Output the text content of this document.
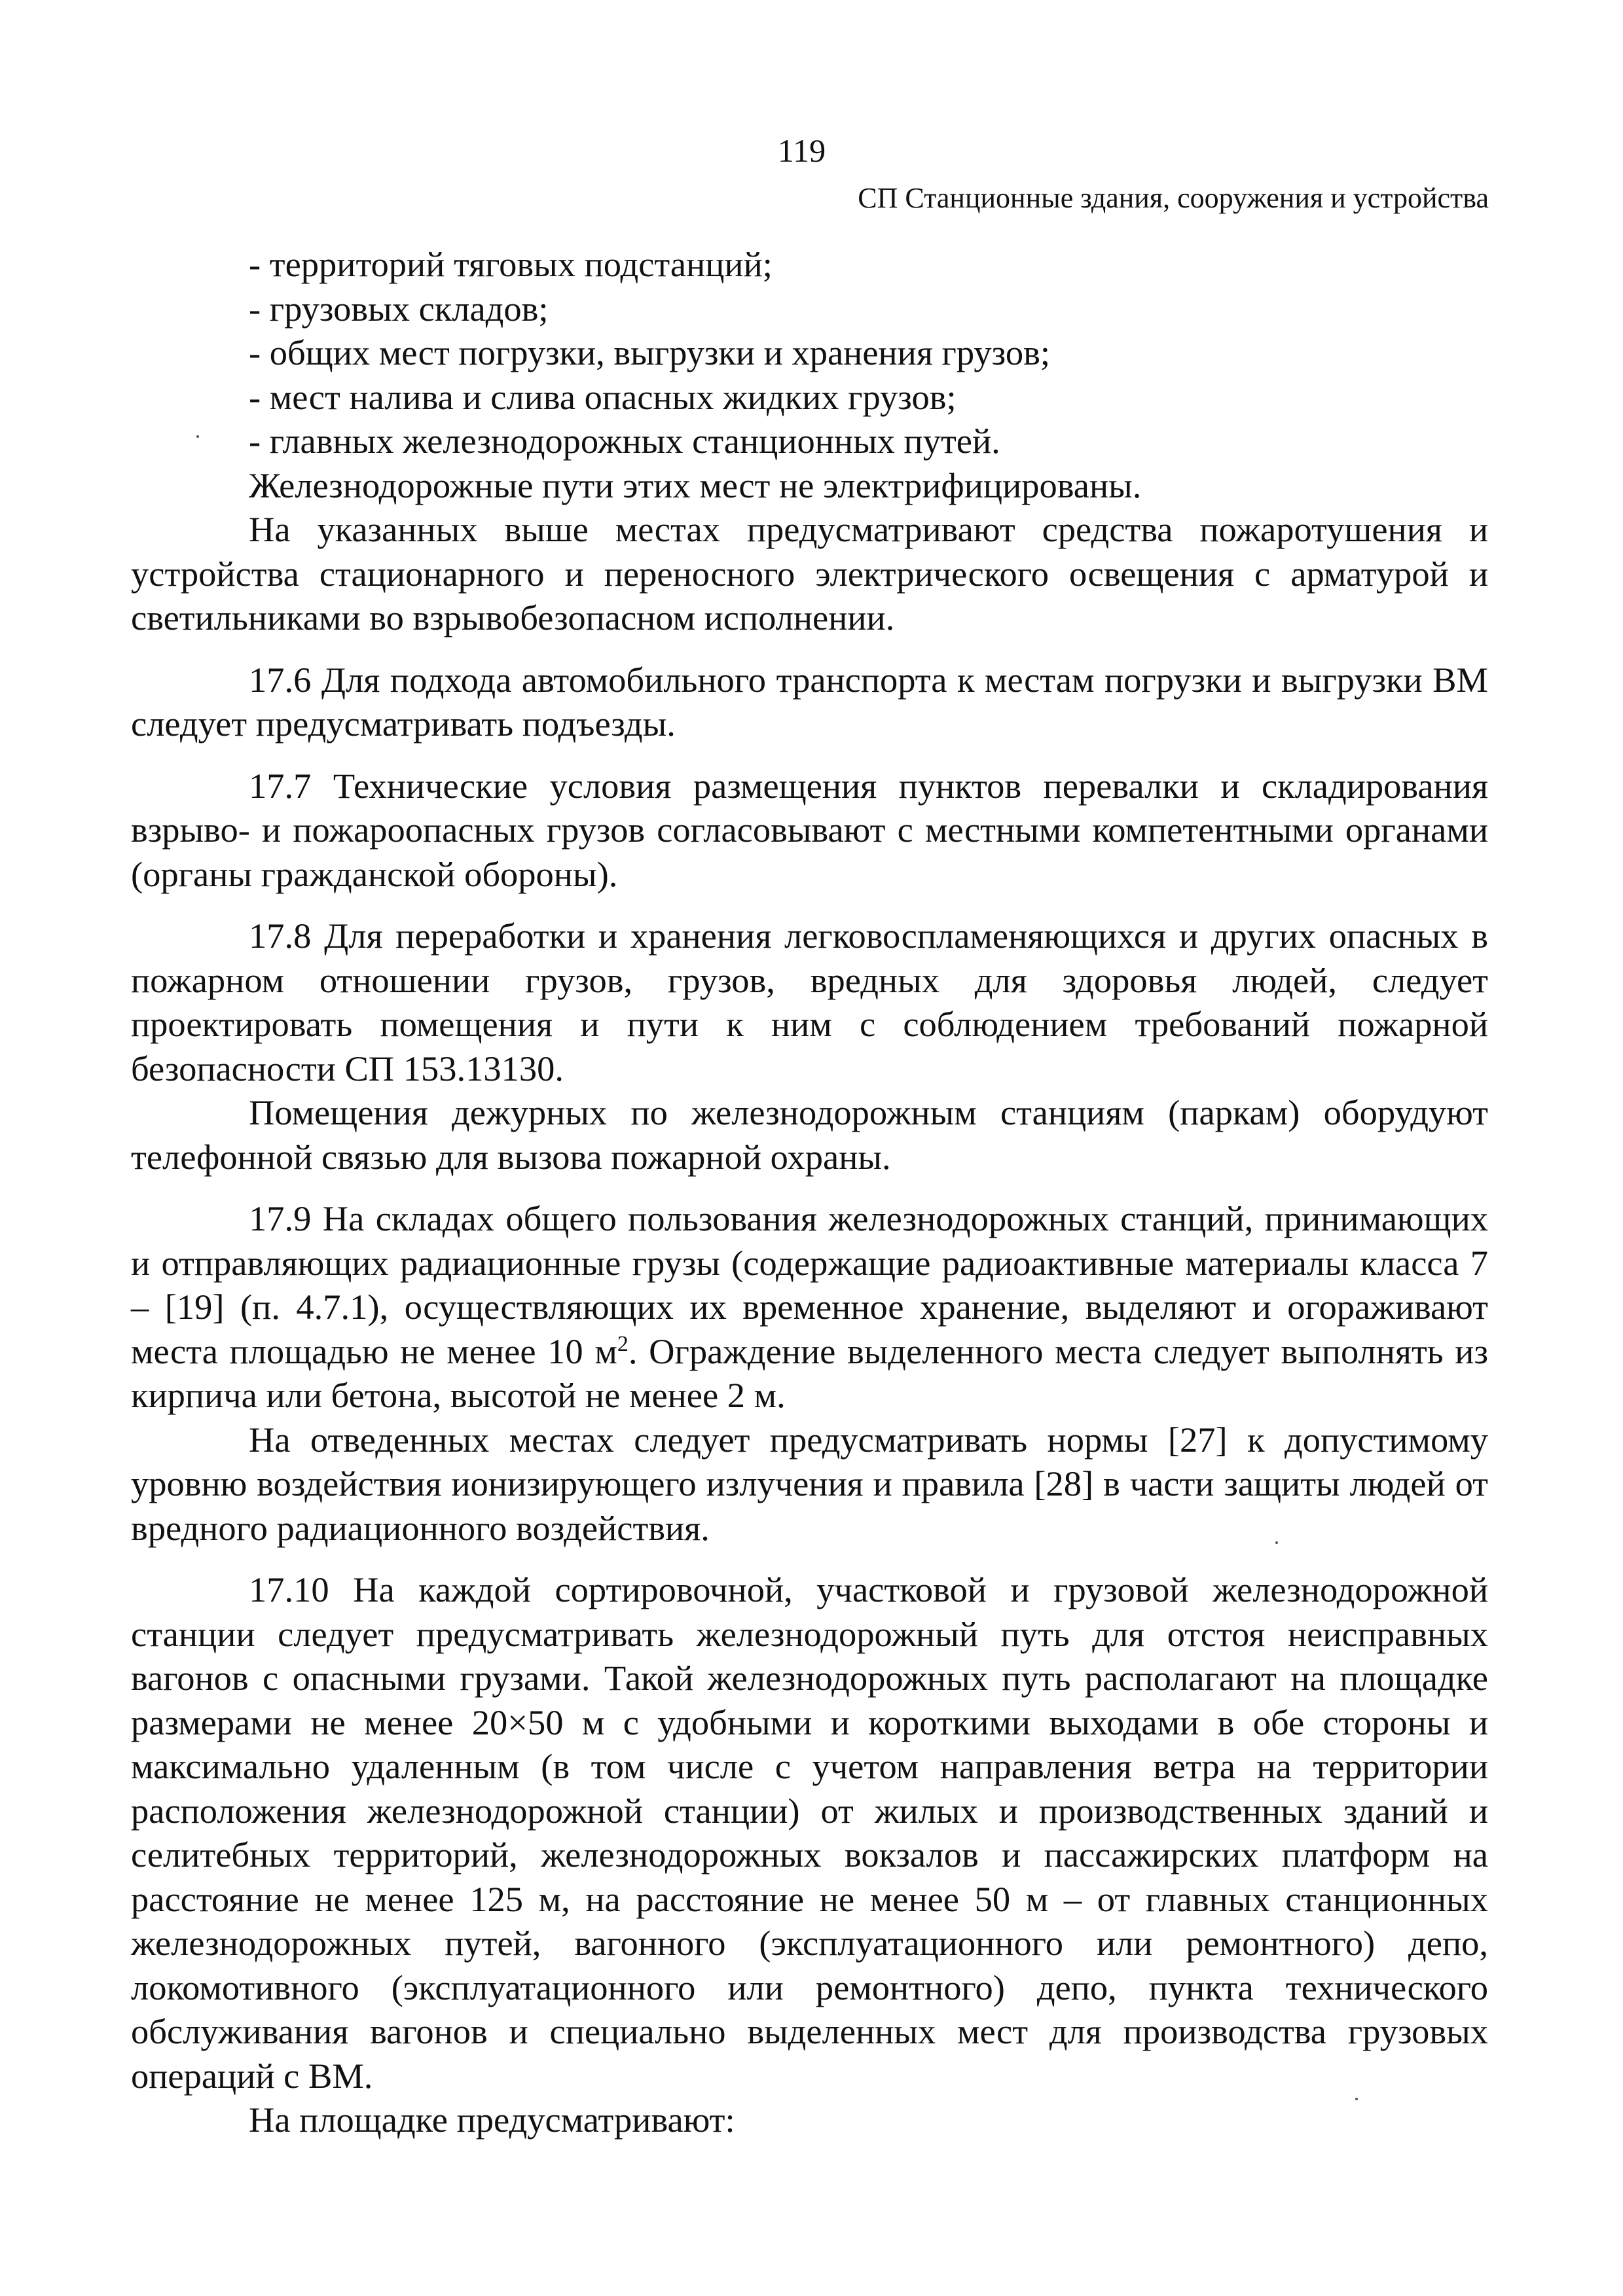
119
СП Станционные здания, сооружения и устройства

- территорий тяговых подстанций;

- грузовых складов;

- общих мест погрузки, выгрузки и хранения грузов;

- мест налива и слива опасных жидких грузов;

- главных железнодорожных станционных путей.

Железнодорожные пути этих мест не электрифицированы.

На указанных выше местах предусматривают средства пожаротушения и устройства стационарного и переносного электрического освещения с арматурой и светильниками во взрывобезопасном исполнении.

17.6 Для подхода автомобильного транспорта к местам погрузки и выгрузки ВМ следует предусматривать подъезды.

17.7 Технические условия размещения пунктов перевалки и складирования взрыво- и пожароопасных грузов согласовывают с местными компетентными органами (органы гражданской обороны).

17.8 Для переработки и хранения легковоспламеняющихся и других опасных в пожарном отношении грузов, грузов, вредных для здоровья людей, следует проектировать помещения и пути к ним с соблюдением требований пожарной безопасности СП 153.13130.

Помещения дежурных по железнодорожным станциям (паркам) оборудуют телефонной связью для вызова пожарной охраны.

17.9 На складах общего пользования железнодорожных станций, принимающих и отправляющих радиационные грузы (содержащие радиоактивные материалы класса 7 – [19] (п. 4.7.1), осуществляющих их временное хранение, выделяют и огораживают места площадью не менее 10 $м^2$. Ограждение выделенного места следует выполнять из кирпича или бетона, высотой не менее 2 м.

На отведенных местах следует предусматривать нормы [27] к допустимому уровню воздействия ионизирующего излучения и правила [28] в части защиты людей от вредного радиационного воздействия.

17.10 На каждой сортировочной, участковой и грузовой железнодорожной станции следует предусматривать железнодорожный путь для отстоя неисправных вагонов с опасными грузами. Такой железнодорожных путь располагают на площадке размерами не менее 20×50 м с удобными и короткими выходами в обе стороны и максимально удаленным (в том числе с учетом направления ветра на территории расположения железнодорожной станции) от жилых и производственных зданий и селитебных территорий, железнодорожных вокзалов и пассажирских платформ на расстояние не менее 125 м, на расстояние не менее 50 м – от главных станционных железнодорожных путей, вагонного (эксплуатационного или ремонтного) депо, локомотивного (эксплуатационного или ремонтного) депо, пункта технического обслуживания вагонов и специально выделенных мест для производства грузовых операций с ВМ.

На площадке предусматривают:
